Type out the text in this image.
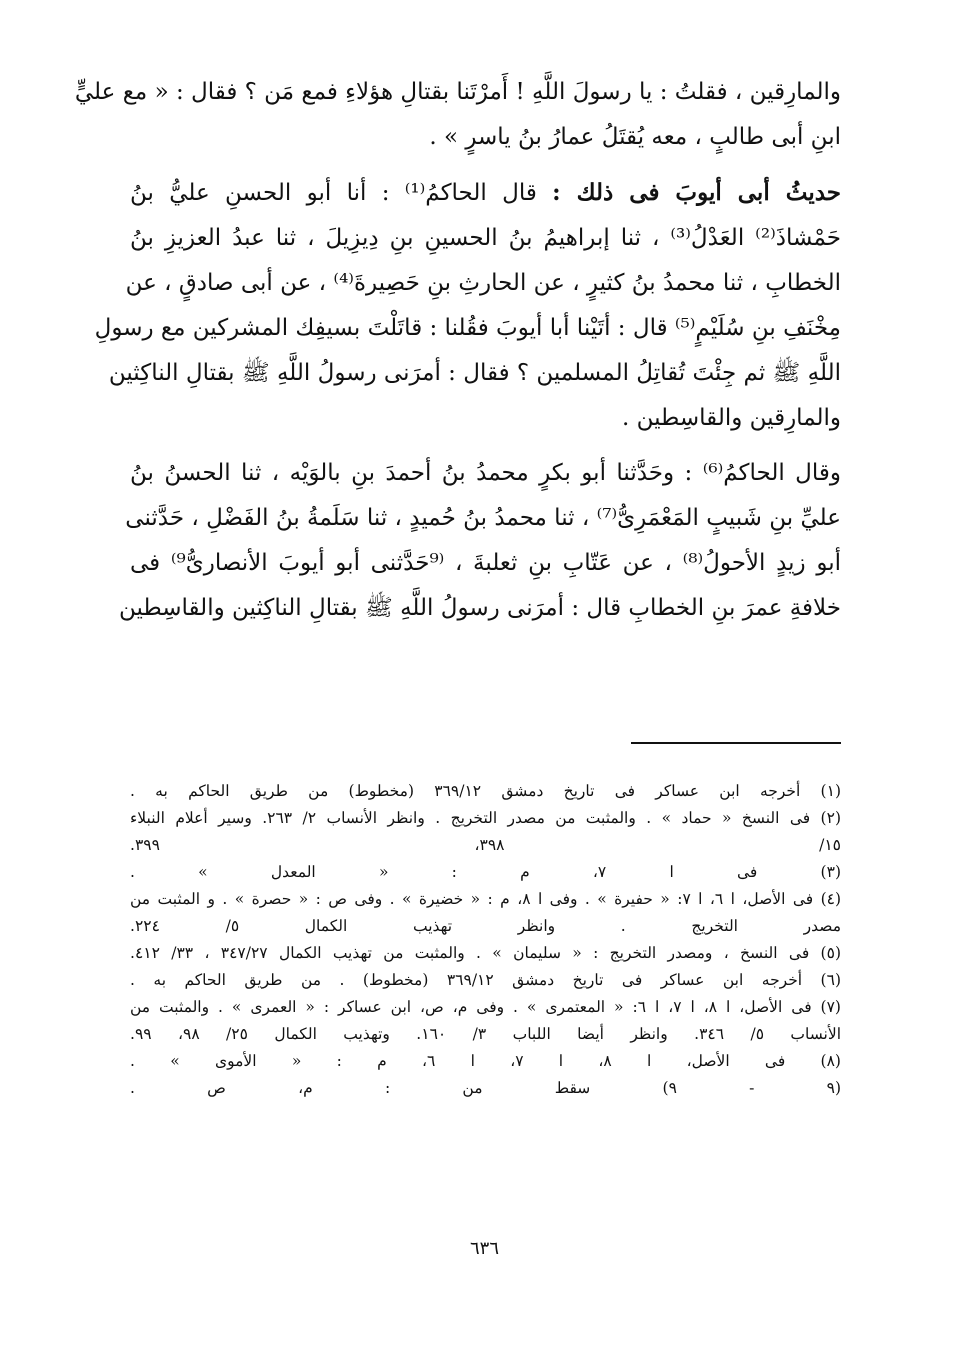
والمارِقين ، فقلتُ : يا رسولَ اللَّهِ ! أَمرْتَنا بقتالِ هؤلاءِ فمع مَن ؟ فقال : « مع عليٍّ
ابنِ أبى طالبٍ ، معه يُقتَلُ عمارُ بنُ ياسرٍ » .

حديثُ أبى أيوبَ فى ذلك : قال الحاكمُ⁽¹⁾ : أنا أبو الحسنِ عليُّ بنُ
حَمْشاذَ⁽²⁾ العَدْلُ⁽³⁾ ، ثنا إبراهيمُ بنُ الحسينِ بنِ دِيزِيلَ ، ثنا عبدُ العزيزِ بنُ
الخطابِ ، ثنا محمدُ بنُ كثيرٍ ، عن الحارثِ بنِ حَصِيرةَ⁽⁴⁾ ، عن أبى صادقٍ ، عن
مِخْنَفِ بنِ سُلَيْمٍ⁽⁵⁾ قال : أتَيْنا أبا أيوبَ فقُلنا : قاتَلْتَ بسيفِك المشركين مع رسولِ
اللَّهِ ﷺ ثم جِئْتَ تُقاتِلُ المسلمين ؟ فقال : أمرَنى رسولُ اللَّهِ ﷺ بقتالِ الناكِثين
والمارِقين والقاسِطين .

وقال الحاكمُ⁽⁶⁾ : وحَدَّثنا أبو بكرٍ محمدُ بنُ أحمدَ بنِ بالوَيْه ، ثنا الحسنُ بنُ
عليِّ بنِ شَبيبٍ المَعْمَرِىُّ⁽⁷⁾ ، ثنا محمدُ بنُ حُميدٍ ، ثنا سَلَمةُ بنُ الفَضْلِ ، حَدَّثنى
أبو زيدٍ الأحولُ⁽⁸⁾ ، عن عَتّابِ بنِ ثعلبةَ ، ⁽⁹حَدَّثنى أبو أيوبَ الأنصارىُّ⁹⁾ فى
خلافةِ عمرَ بنِ الخطابِ قال : أمرَنى رسولُ اللَّهِ ﷺ بقتالِ الناكِثين والقاسِطين

(١) أخرجه ابن عساكر فى تاريخ دمشق ٣٦٩/١٢ (مخطوط) من طريق الحاكم به .

(٢) فى النسخ « حماد » . والمثبت من مصدر التخريج . وانظر الأنساب ٢/ ٢٦٣. وسير أعلام النبلاء
١٥/ ٣٩٨، ٣٩٩.

(٣) فى ا ٧، م : « المعدل » .

(٤) فى الأصل، ا ٦، ا ٧: « حفيرة » . وفى ا ٨، م : « خضيرة » . وفى ص : « حصرة » . و المثبت من
مصدر التخريج . وانظر تهذيب الكمال ٥/ ٢٢٤.

(٥) فى النسخ ، ومصدر التخريج : « سليمان » . والمثبت من تهذيب الكمال ٣٤٧/٢٧ ، ٣٣/ ٤١٢.

(٦) أخرجه ابن عساكر فى تاريخ دمشق ٣٦٩/١٢ (مخطوط) . من طريق الحاكم به .

(٧) فى الأصل، ا ٨، ا ٧، ا ٦: « المعتمرى » . وفى م، ص، ابن عساكر : « العمرى » . والمثبت من
الأنساب ٥/ ٣٤٦. وانظر أيضا اللباب ٣/ ١٦٠. وتهذيب الكمال ٢٥/ ٩٨، ٩٩.

(٨) فى الأصل، ا ٨، ا ٧، ا ٦، م : « الأموى » .

(٩ - ٩) سقط من : م، ص .

٦٣٦
